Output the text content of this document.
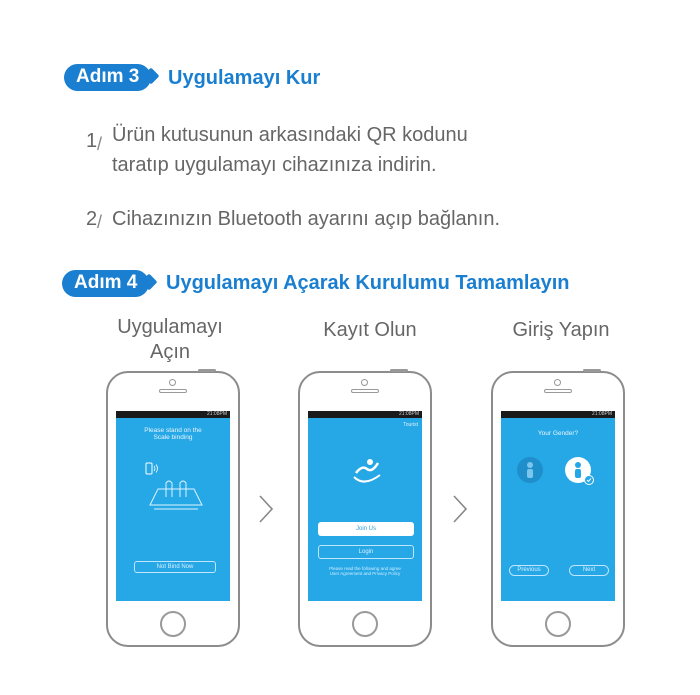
Adım 3	Uygulamayı Kur
1 / Ürün kutusunun arkasındaki QR kodunu
taratıp uygulamayı cihazınıza indirin.
2 / Cihazınızın Bluetooth ayarını açıp bağlanın.
Adım 4	Uygulamayı Açarak Kurulumu Tamamlayın
Uygulamayı
Açın
Kayıt Olun	Giriş Yapın
21:08PM
Please stand on the
Scale binding
Not Bind Now
21:08PM
Tourist
Join Us
Login
Please read the following and agree
User Agreement and Privacy Policy
21:08PM
Your Gender?
Previous	Next
